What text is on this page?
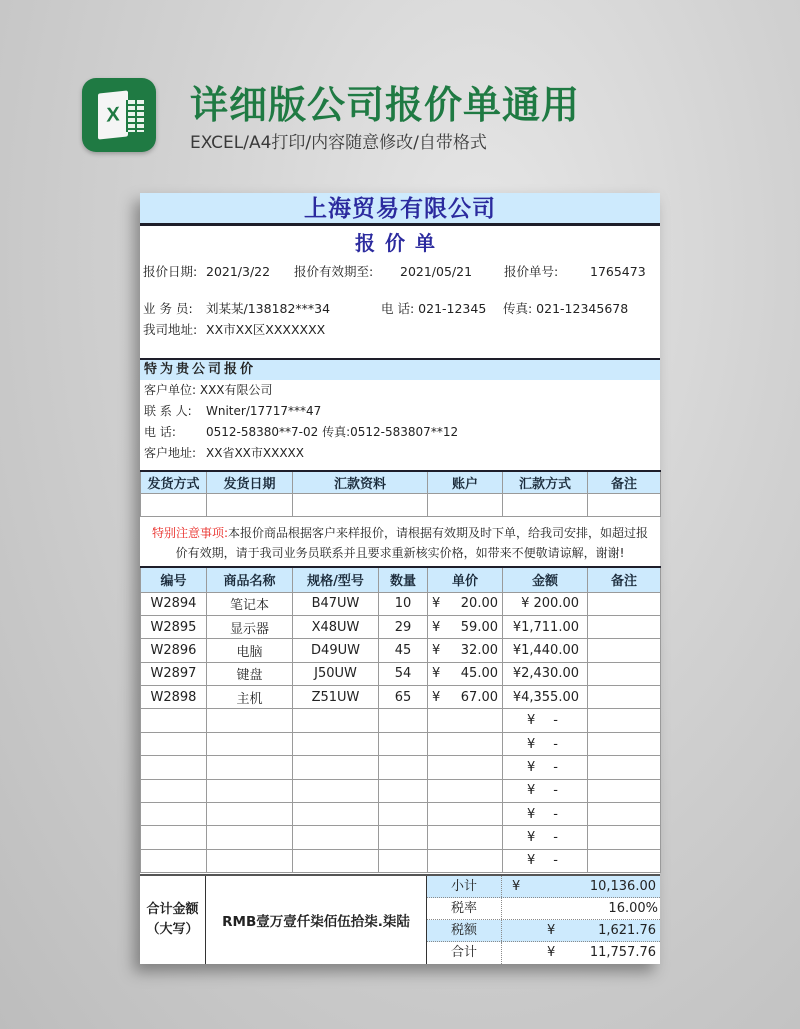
X 详细版公司报价单通用
EXCEL/A4打印/内容随意修改/自带格式
上海贸易有限公司
报价单
报价日期: 2021/3/22 报价有效期至: 2021/05/21	报价单号:	1765473
业 务 员: 刘某某/138182***34	电 话: 021-12345 传真: 021-12345678
我司地址: XX市XX区XXXXXXX
特为贵公司报价
客户单位: XXX有限公司
联 系 人: Wniter/17717***47
电 话:	0512-58380**7-02 传真:0512-583807**12
客户地址: XX省XX市XXXXX
发货方式	发货日期	汇款资料	账户	汇款方式	备注

特别注意事项:本报价商品根据客户来样报价，请根据有效期及时下单，给我司安排，如超过报价有效期，请于我司业务员联系并且要求重新核实价格，如带来不便敬请谅解，谢谢!
编号	商品名称	规格/型号	数量	单价	金额	备注
W2894	笔记本	B47UW	10	¥ 20.00	¥ 200.00	
W2895	显示器	X48UW	29	¥ 59.00	¥1,711.00	
W2896	电脑	D49UW	45	¥ 32.00	¥1,440.00	
W2897	键盘	J50UW	54	¥ 45.00	¥2,430.00	
W2898	主机	Z51UW	65	¥ 67.00	¥4,355.00	
					¥ -	
					¥ -	
					¥ -	
					¥ -	
					¥ -	
					¥ -	
					¥ -	
合计金额
（大写）	RMB壹万壹仟柒佰伍拾柒.柒陆
小计	¥	10,136.00
税率	16.00%
税额	¥	1,621.76
合计	¥	11,757.76
